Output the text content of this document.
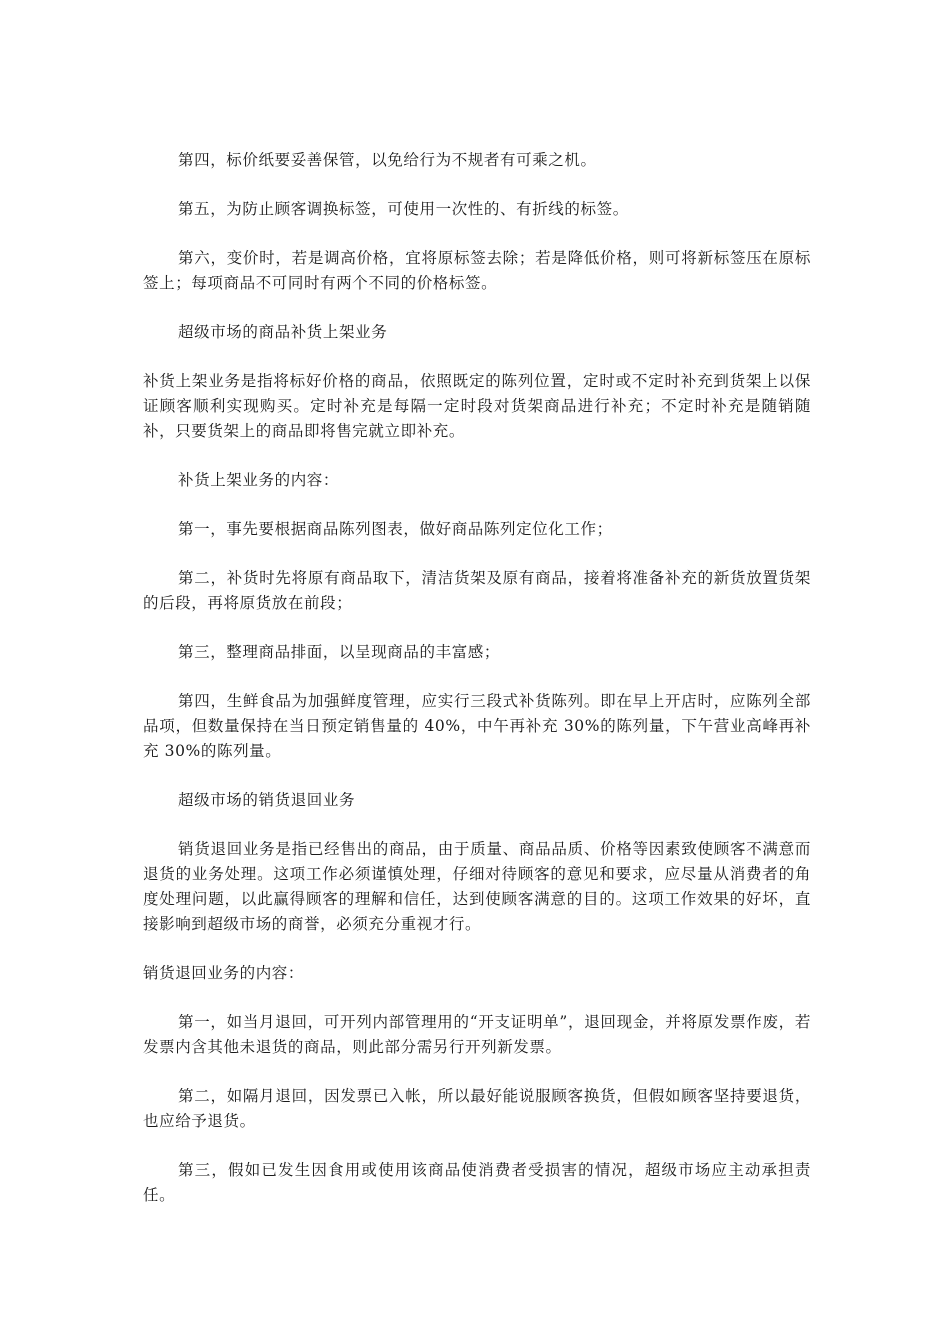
第四，标价纸要妥善保管，以免给行为不规者有可乘之机。

第五，为防止顾客调换标签，可使用一次性的、有折线的标签。

第六，变价时，若是调高价格，宜将原标签去除；若是降低价格，则可将新标签压在原标签上；每项商品不可同时有两个不同的价格标签。

超级市场的商品补货上架业务

补货上架业务是指将标好价格的商品，依照既定的陈列位置，定时或不定时补充到货架上以保证顾客顺利实现购买。定时补充是每隔一定时段对货架商品进行补充；不定时补充是随销随补，只要货架上的商品即将售完就立即补充。

补货上架业务的内容：

第一，事先要根据商品陈列图表，做好商品陈列定位化工作；

第二，补货时先将原有商品取下，清洁货架及原有商品，接着将准备补充的新货放置货架的后段，再将原货放在前段；

第三，整理商品排面，以呈现商品的丰富感；

第四，生鲜食品为加强鲜度管理，应实行三段式补货陈列。即在早上开店时，应陈列全部品项，但数量保持在当日预定销售量的 40%，中午再补充 30%的陈列量，下午营业高峰再补充 30%的陈列量。

超级市场的销货退回业务

销货退回业务是指已经售出的商品，由于质量、商品品质、价格等因素致使顾客不满意而退货的业务处理。这项工作必须谨慎处理，仔细对待顾客的意见和要求，应尽量从消费者的角度处理问题，以此赢得顾客的理解和信任，达到使顾客满意的目的。这项工作效果的好坏，直接影响到超级市场的商誉，必须充分重视才行。

销货退回业务的内容：

第一，如当月退回，可开列内部管理用的“开支证明单”，退回现金，并将原发票作废，若发票内含其他未退货的商品，则此部分需另行开列新发票。

第二，如隔月退回，因发票已入帐，所以最好能说服顾客换货，但假如顾客坚持要退货，也应给予退货。

第三，假如已发生因食用或使用该商品使消费者受损害的情况，超级市场应主动承担责任。
